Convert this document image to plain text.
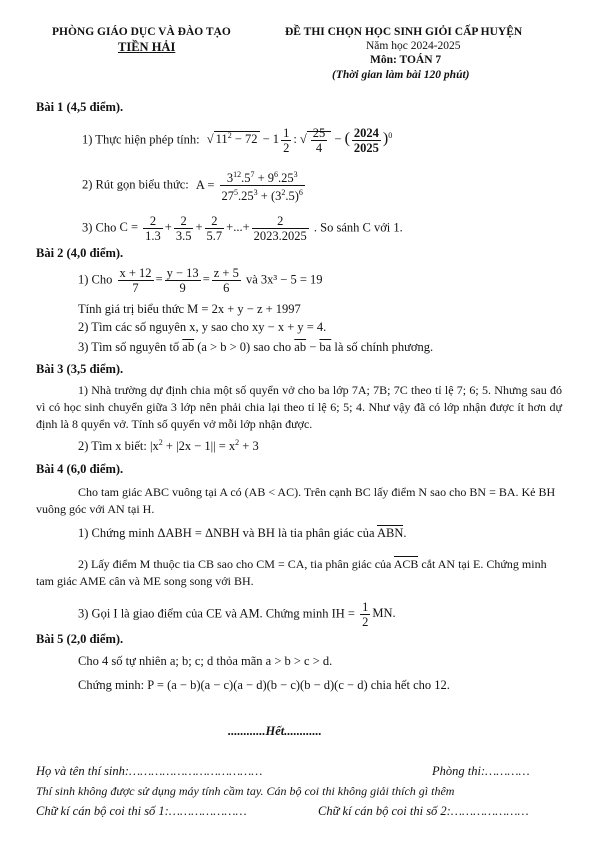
PHÒNG GIÁO DỤC VÀ ĐÀO TẠO
TIỀN HẢI
ĐỀ THI CHỌN HỌC SINH GIỎI CẤP HUYỆN
Năm học 2024-2025
Môn: TOÁN 7
(Thời gian làm bài 120 phút)
Bài 1 (4,5 điểm).
1) Thực hiện phép tính: √ $11^2 - 72 - 1 \frac{1}{2}$ : √ $\frac{25}{4}$ − ( $\frac{2024}{2025} )^0$
2) Rút gọn biểu thức: $A = \frac{3^{12}.5^7 + 9^6.25^3}{27^5.25^3 + (3^2.5)^6}$
3) Cho $C = \frac{2}{1.3} + \frac{2}{3.5} + \frac{2}{5.7}$ +...+ $\frac{2}{2023.2025}$ . So sánh C với 1.
Bài 2 (4,0 điểm).
1) Cho $\frac{x + 12}{7} = \frac{y - 13}{9} = \frac{z + 5}{6}$ và 3x³ − 5 = 19
Tính giá trị biểu thức M = 2x + y − z + 1997
2) Tìm các số nguyên x, y sao cho xy − x + y = 4.
3) Tìm số nguyên tố $\overline{ab}$ (a > b > 0) sao cho $\overline{ab} - \overline{ba}$ là số chính phương.
Bài 3 (3,5 điểm).
1) Nhà trường dự định chia một số quyển vở cho ba lớp 7A; 7B; 7C theo tỉ lệ 7; 6; 5. Nhưng sau đó vì có học sinh chuyển giữa 3 lớp nên phải chia lại theo tỉ lệ 6; 5; 4. Như vậy đã có lớp nhận được ít hơn dự định là 8 quyển vở. Tính số quyển vở mỗi lớp nhận được.
2) Tìm x biết: $|x^2 + |2x - 1|| = x^2 + 3$
Bài 4 (6,0 điểm).
Cho tam giác ABC vuông tại A có (AB < AC). Trên cạnh BC lấy điểm N sao cho BN = BA. Kẻ BH vuông góc với AN tại H.
1) Chứng minh ΔABH = ΔNBH và BH là tia phân giác của ABN.
2) Lấy điểm M thuộc tia CB sao cho CM = CA, tia phân giác của ACB cắt AN tại E. Chứng minh tam giác AME cân và ME song song với BH.
3) Gọi I là giao điểm của CE và AM. Chứng minh IH = $\frac{1}{2}$ MN.
Bài 5 (2,0 điểm).
Cho 4 số tự nhiên a; b; c; d thỏa mãn a > b > c > d.
Chứng minh: P = (a − b)(a − c)(a − d)(b − c)(b − d)(c − d) chia hết cho 12.
............Hết............
Họ và tên thí sinh:………………………………	Phòng thi:…………
Thí sinh không được sử dụng máy tính cầm tay. Cán bộ coi thi không giải thích gì thêm
Chữ kí cán bộ coi thi số 1:…………………	Chữ kí cán bộ coi thi số 2:…………………
